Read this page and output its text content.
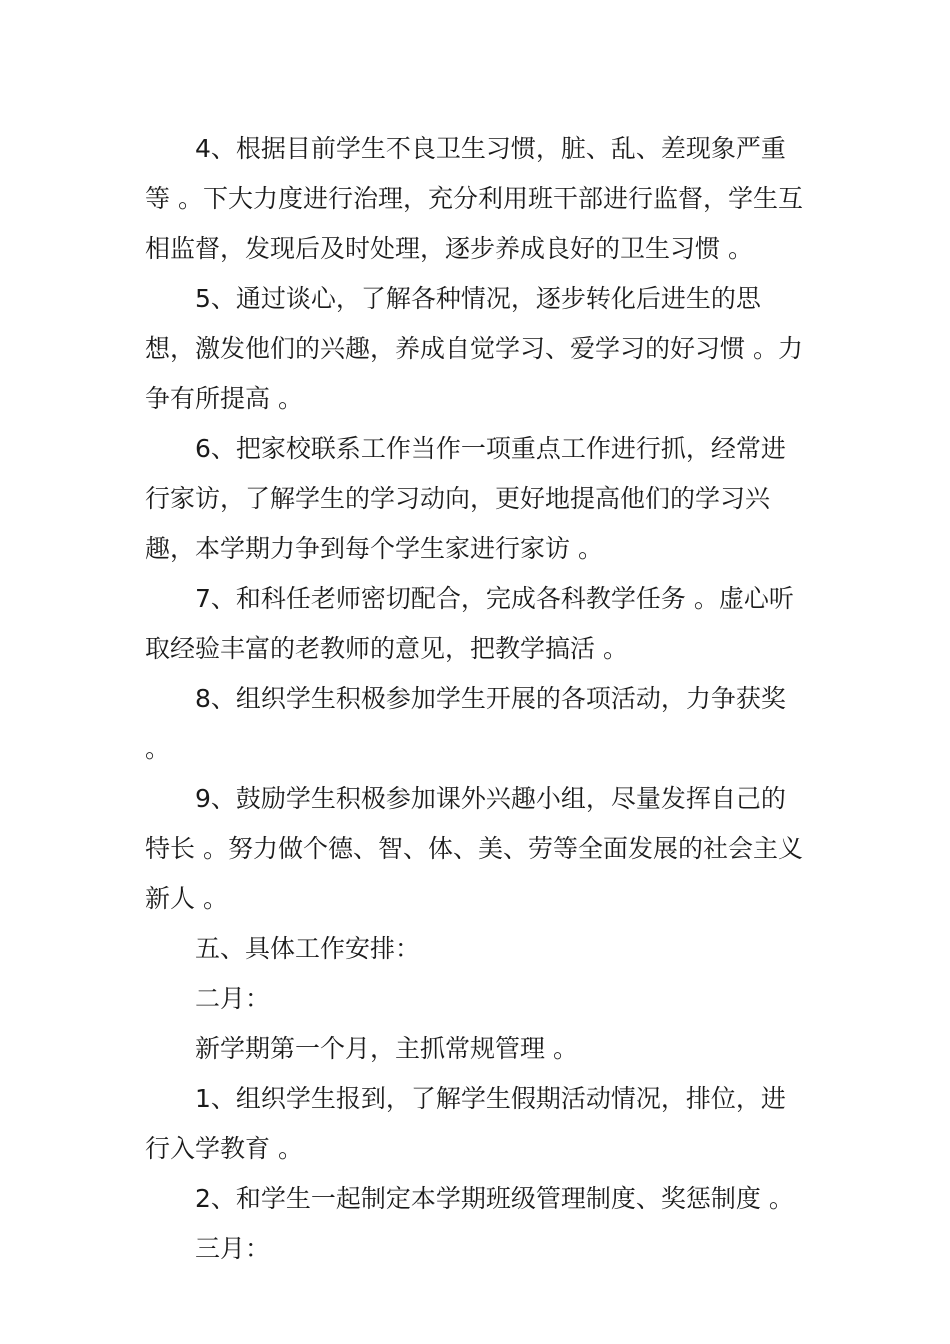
4、根据目前学生不良卫生习惯，脏、乱、差现象严重等 。下大力度进行治理，充分利用班干部进行监督，学生互相监督，发现后及时处理，逐步养成良好的卫生习惯 。

5、通过谈心，了解各种情况，逐步转化后进生的思想，激发他们的兴趣，养成自觉学习、爱学习的好习惯 。力争有所提高 。

6、把家校联系工作当作一项重点工作进行抓，经常进行家访，了解学生的学习动向，更好地提高他们的学习兴趣，本学期力争到每个学生家进行家访 。

7、和科任老师密切配合，完成各科教学任务 。虚心听取经验丰富的老教师的意见，把教学搞活 。

8、组织学生积极参加学生开展的各项活动，力争获奖 。

9、鼓励学生积极参加课外兴趣小组，尽量发挥自己的特长 。努力做个德、智、体、美、劳等全面发展的社会主义新人 。

五、具体工作安排：

二月：

新学期第一个月，主抓常规管理 。

1、组织学生报到，了解学生假期活动情况，排位，进行入学教育 。

2、和学生一起制定本学期班级管理制度、奖惩制度 。

三月：
